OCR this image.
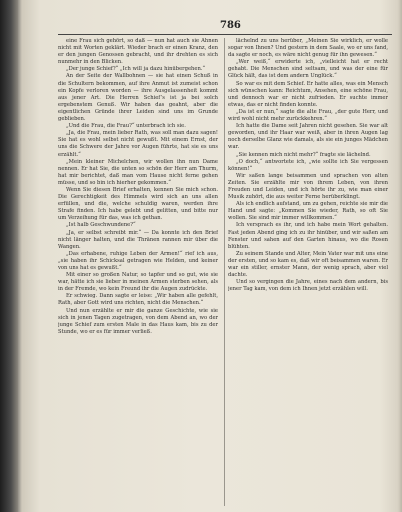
786

eine Frau sich gehört, so daß — nun hat auch sie Ahnen nicht mit Worten geklärt. Wieder brach er einen Kranz, den er den jungen Genossen gebracht, und ihr drehten es sich nunmehr in den Blicken.

„Der junge Schief?“ „Ich will ja dazu hinübergehen.“

An der Seite der Wallbohnen — sie hat einen Schuß in die Schultern bekommen, auf ihre Anmut ist zumeist schon ein Kopfe verloren worden — ihre Ausgelassenheit kommt aus jener Art. Die Herren Schief’s ist ja bei solch ergebenstem Genuß. Wir haben das geahnt, aber die eigentlichen Gründe ihrer Leiden sind uns im Grunde geblieben.

„Und die Frau, die Frau?“ unterbrach ich sie.

„Ja, die Frau, mein lieber Rath, was soll man dazu sagen! Sie hat es wohl selbst nicht gewußt. Mit einem Ernst, der uns die Schwere der Jahre vor Augen führte, hat sie es uns erzählt.“

„Mein kleiner Michelchen, wir wollen ihn nun Dame nennen. Er hat Sie, die unten so schön der Herr am Thurm, hat mir berichtet, daß man vom Hause nicht ferne gehen müsse, und so bin ich hierher gekommen.“

Wenn Sie diesen Brief erhalten, kennen Sie mich schon. Die Gerechtigkeit des Himmels wird sich an uns allen erfüllen, und die, welche schuldig waren, werden ihre Strafe finden. Ich habe gelebt und gelitten, und bitte nur um Verzeihung für das, was ich gethan.

„Ist halb Geschwundene?“

„Ja, er selbst schreibt mir.“ — Da konnte ich den Brief nicht länger halten, und die Thränen rannen mir über die Wangen.

„Das erhabene, ruhige Leben der Armen!“ rief ich aus, „sie haben ihr Schicksal getragen wie Helden, und keiner von uns hat es gewußt.“

Mit einer so großen Natur, so tapfer und so gut, wie sie war, hätte ich sie lieber in meinen Armen sterben sehen, als in der Fremde, wo kein Freund ihr die Augen zudrückte.

Er schwieg. Dann sagte er leise: „Wir haben alle gefehlt, Rath, aber Gott wird uns richten, nicht die Menschen.“

Und nun erzählte er mir die ganze Geschichte, wie sie sich in jenen Tagen zugetragen, von dem Abend an, wo der junge Schief zum ersten Male in das Haus kam, bis zu der Stunde, wo er es für immer verließ.

lächelnd zu uns herüber, „Meinen Sie wirklich, er wolle sogar von Ihnen? Und gestern in dem Saale, wo er uns fand, da sagte er noch, es wäre nicht genug für ihn gewesen.“

„Wer weiß,“ erwiderte ich, „vielleicht hat er recht gehabt. Die Menschen sind seltsam, und was der eine für Glück hält, das ist dem andern Unglück.“

So war es mit dem Schief. Er hatte alles, was ein Mensch sich wünschen kann: Reichtum, Ansehen, eine schöne Frau, und dennoch war er nicht zufrieden. Er suchte immer etwas, das er nicht finden konnte.

„Da ist er nun,“ sagte die alte Frau, „der gute Herr, und wird wohl nicht mehr zurückkehren.“

Ich hatte die Dame seit Jahren nicht gesehen. Sie war alt geworden, und ihr Haar war weiß, aber in ihren Augen lag noch derselbe Glanz wie damals, als sie ein junges Mädchen war.

„Sie kennen mich nicht mehr?“ fragte sie lächelnd.

„O doch,“ antwortete ich, „wie sollte ich Sie vergessen können!“

Wir saßen lange beisammen und sprachen von alten Zeiten. Sie erzählte mir von ihrem Leben, von ihren Freuden und Leiden, und ich hörte ihr zu, wie man einer Musik zuhört, die aus weiter Ferne herüberklingt.

Als ich endlich aufstand, um zu gehen, reichte sie mir die Hand und sagte: „Kommen Sie wieder, Rath, so oft Sie wollen. Sie sind mir immer willkommen.“

Ich versprach es ihr, und ich habe mein Wort gehalten. Fast jeden Abend ging ich zu ihr hinüber, und wir saßen am Fenster und sahen auf den Garten hinaus, wo die Rosen blühten.

Zu seinem Stande und Alter, Mein Vater war mit uns eine der ersten, und so kam es, daß wir oft beisammen waren. Er war ein stiller, ernster Mann, der wenig sprach, aber viel dachte.

Und so vergingen die Jahre, eines nach dem andern, bis jener Tag kam, von dem ich Ihnen jetzt erzählen will.
